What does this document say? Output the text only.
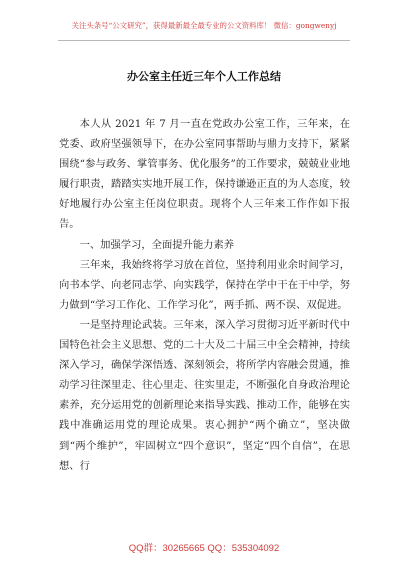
关注头条号“公文研究”，获得最新最全最专业的公文资料库！ 微信：gongwenyj
办公室主任近三年个人工作总结

本人从 2021 年 7 月一直在党政办公室工作，三年来，在党委、政府坚强领导下，在办公室同事帮助与鼎力支持下，紧紧围绕“参与政务、掌管事务、优化服务”的工作要求，兢兢业业地履行职责，踏踏实实地开展工作，保持谦逊正直的为人态度，较好地履行办公室主任岗位职责。现将个人三年来工作作如下报告。

一、加强学习，全面提升能力素养

三年来，我始终将学习放在首位，坚持利用业余时间学习，向书本学、向老同志学、向实践学，保持在学中干在干中学，努力做到“学习工作化、工作学习化”，两手抓、两不误、双促进。

一是坚持理论武装。三年来，深入学习贯彻习近平新时代中国特色社会主义思想、党的二十大及二十届三中全会精神，持续深入学习，确保学深悟透、深刻领会，将所学内容融会贯通，推动学习往深里走、往心里走、往实里走，不断强化自身政治理论素养，充分运用党的创新理论来指导实践、推动工作，能够在实践中准确运用党的理论成果。衷心拥护“两个确立”，坚决做到“两个维护”，牢固树立“四个意识”，坚定“四个自信”，在思想、行

QQ群：30265665 QQ：535304092
